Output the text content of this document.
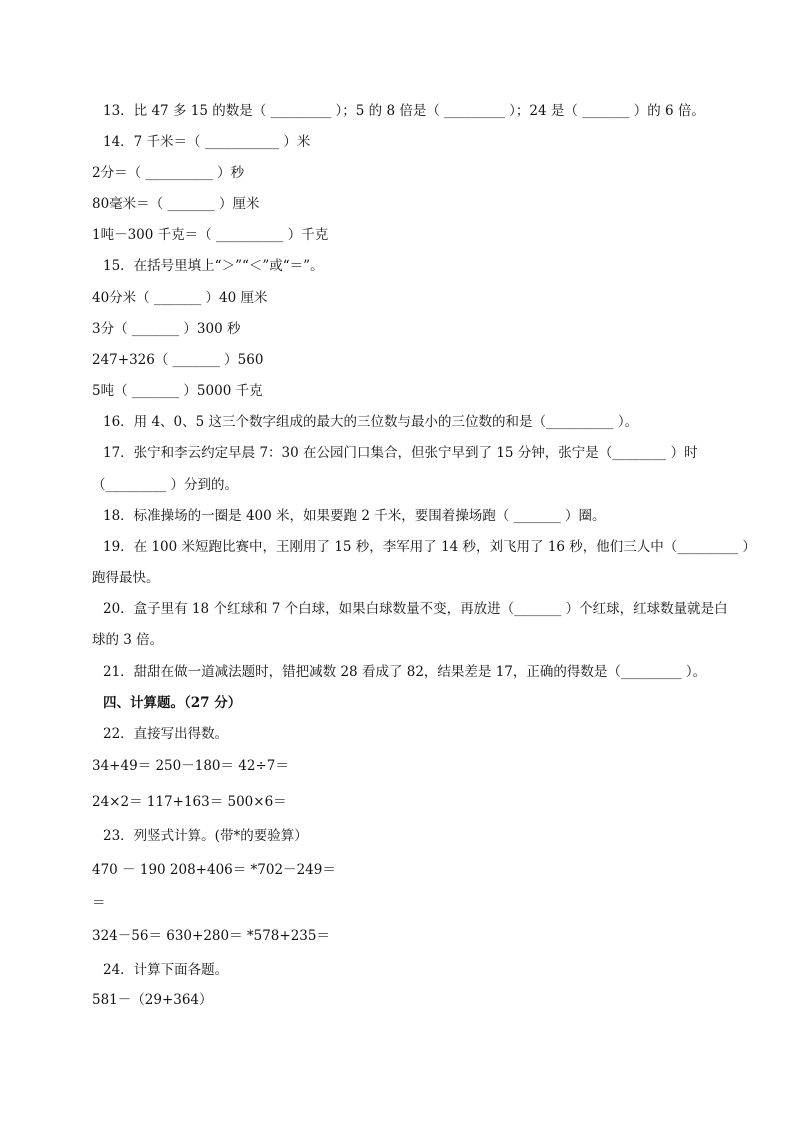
13．比 47 多 15 的数是（ _________ ）；5 的 8 倍是（ _________ ）；24 是（ _______ ）的 6 倍。
14．7 千米＝（ ___________ ）米
2分＝（ __________ ）秒
80毫米＝（ _______ ）厘米
1吨－300 千克＝（ __________ ）千克
15．在括号里填上“＞”“＜”或“＝”。
40分米（ _______ ）40 厘米
3分（ _______ ）300 秒
247+326（ _______ ）560
5吨（ _______ ）5000 千克
16．用 4、0、5 这三个数字组成的最大的三位数与最小的三位数的和是（__________ ）。
17．张宁和李云约定早晨 7：30 在公园门口集合，但张宁早到了 15 分钟，张宁是（________ ）时
（_________ ）分到的。
18．标准操场的一圈是 400 米，如果要跑 2 千米，要围着操场跑（ _______ ）圈。
19．在 100 米短跑比赛中，王刚用了 15 秒，李军用了 14 秒，刘飞用了 16 秒，他们三人中（_________ ）
跑得最快。
20．盒子里有 18 个红球和 7 个白球，如果白球数量不变，再放进（_______ ）个红球，红球数量就是白
球的 3 倍。
21．甜甜在做一道减法题时，错把减数 28 看成了 82，结果差是 17，正确的得数是（_________ ）。
四、计算题。（27 分）
22．直接写出得数。
34+49＝ 250－180＝ 42÷7＝
24×2＝ 117+163＝ 500×6＝
23．列竖式计算。(带*的要验算）
470 － 190 208+406＝ *702－249＝
＝
324－56＝ 630+280＝ *578+235＝
24．计算下面各题。
581－（29+364）
